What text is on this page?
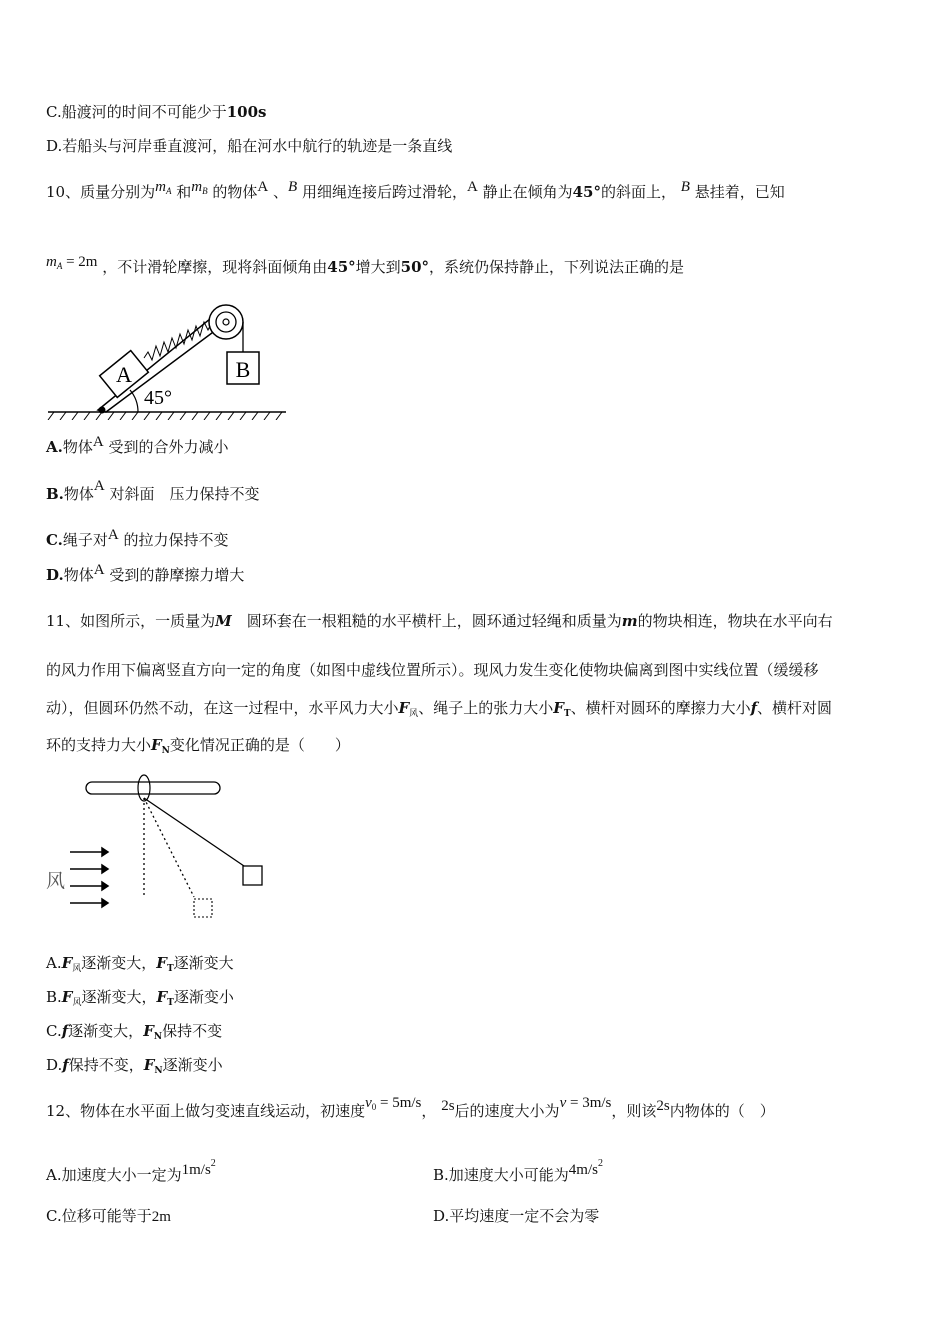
C.船渡河的时间不可能少于100s
D.若船头与河岸垂直渡河，船在河水中航行的轨迹是一条直线
10、质量分别为$m_A$ 和$m_B$ 的物体A 、B 用细绳连接后跨过滑轮，A 静止在倾角为45°的斜面上， B 悬挂着，已知
$m_A = 2m$ ，不计滑轮摩擦，现将斜面倾角由45°增大到50°，系统仍保持静止，下列说法正确的是
B
A
45°
A.物体A 受到的合外力减小
B.物体A 对斜面　压力保持不变
C.绳子对A 的拉力保持不变
D.物体A 受到的静摩擦力增大
11、如图所示，一质量为M　圆环套在一根粗糙的水平横杆上，圆环通过轻绳和质量为m的物块相连，物块在水平向右
的风力作用下偏离竖直方向一定的角度（如图中虚线位置所示）。现风力发生变化使物块偏离到图中实线位置（缓缓移
动），但圆环仍然不动，在这一过程中，水平风力大小$F_风$、绳子上的张力大小$F_T$、横杆对圆环的摩擦力大小f、横杆对圆
环的支持力大小$F_N$变化情况正确的是（　　）
风
$A.F_风$逐渐变大，$F_T$逐渐变大
$B.F_风$逐渐变大，$F_T$逐渐变小
C.f逐渐变大，$F_N$保持不变
D.f保持不变，$F_N$逐渐变小
12、物体在水平面上做匀变速直线运动，初速度$v_0 = 5m/s$， 2s后的速度大小为v = 3m/s，则该2s内物体的（　）
A.加速度大小一定为$1m/s^2$
B.加速度大小可能为$4m/s^2$
C.位移可能等于2m	D.平均速度一定不会为零
